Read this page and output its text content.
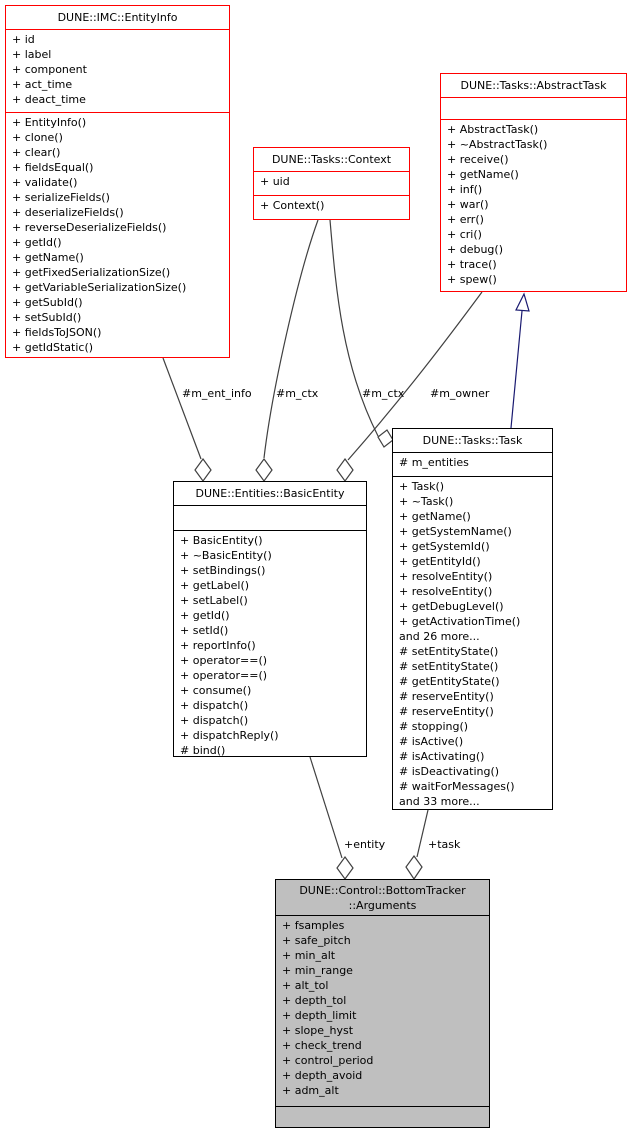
DUNE::IMC::EntityInfo
+ id
+ label
+ component
+ act_time
+ deact_time
+ EntityInfo()
+ clone()
+ clear()
+ fieldsEqual()
+ validate()
+ serializeFields()
+ deserializeFields()
+ reverseDeserializeFields()
+ getId()
+ getName()
+ getFixedSerializationSize()
+ getVariableSerializationSize()
+ getSubId()
+ setSubId()
+ fieldsToJSON()
+ getIdStatic()
DUNE::Tasks::Context
+ uid
+ Context()
DUNE::Tasks::AbstractTask
+ AbstractTask()
+ ~AbstractTask()
+ receive()
+ getName()
+ inf()
+ war()
+ err()
+ cri()
+ debug()
+ trace()
+ spew()
DUNE::Tasks::Task
# m_entities
+ Task()
+ ~Task()
+ getName()
+ getSystemName()
+ getSystemId()
+ getEntityId()
+ resolveEntity()
+ resolveEntity()
+ getDebugLevel()
+ getActivationTime()
and 26 more...
# setEntityState()
# setEntityState()
# getEntityState()
# reserveEntity()
# reserveEntity()
# stopping()
# isActive()
# isActivating()
# isDeactivating()
# waitForMessages()
and 33 more...
DUNE::Entities::BasicEntity
+ BasicEntity()
+ ~BasicEntity()
+ setBindings()
+ getLabel()
+ setLabel()
+ getId()
+ setId()
+ reportInfo()
+ operator==()
+ operator==()
+ consume()
+ dispatch()
+ dispatch()
+ dispatchReply()
# bind()
DUNE::Control::BottomTracker
::Arguments
+ fsamples
+ safe_pitch
+ min_alt
+ min_range
+ alt_tol
+ depth_tol
+ depth_limit
+ slope_hyst
+ check_trend
+ control_period
+ depth_avoid
+ adm_alt
#m_ent_info #m_ctx	#m_ctx #m_owner
+entity	+task
